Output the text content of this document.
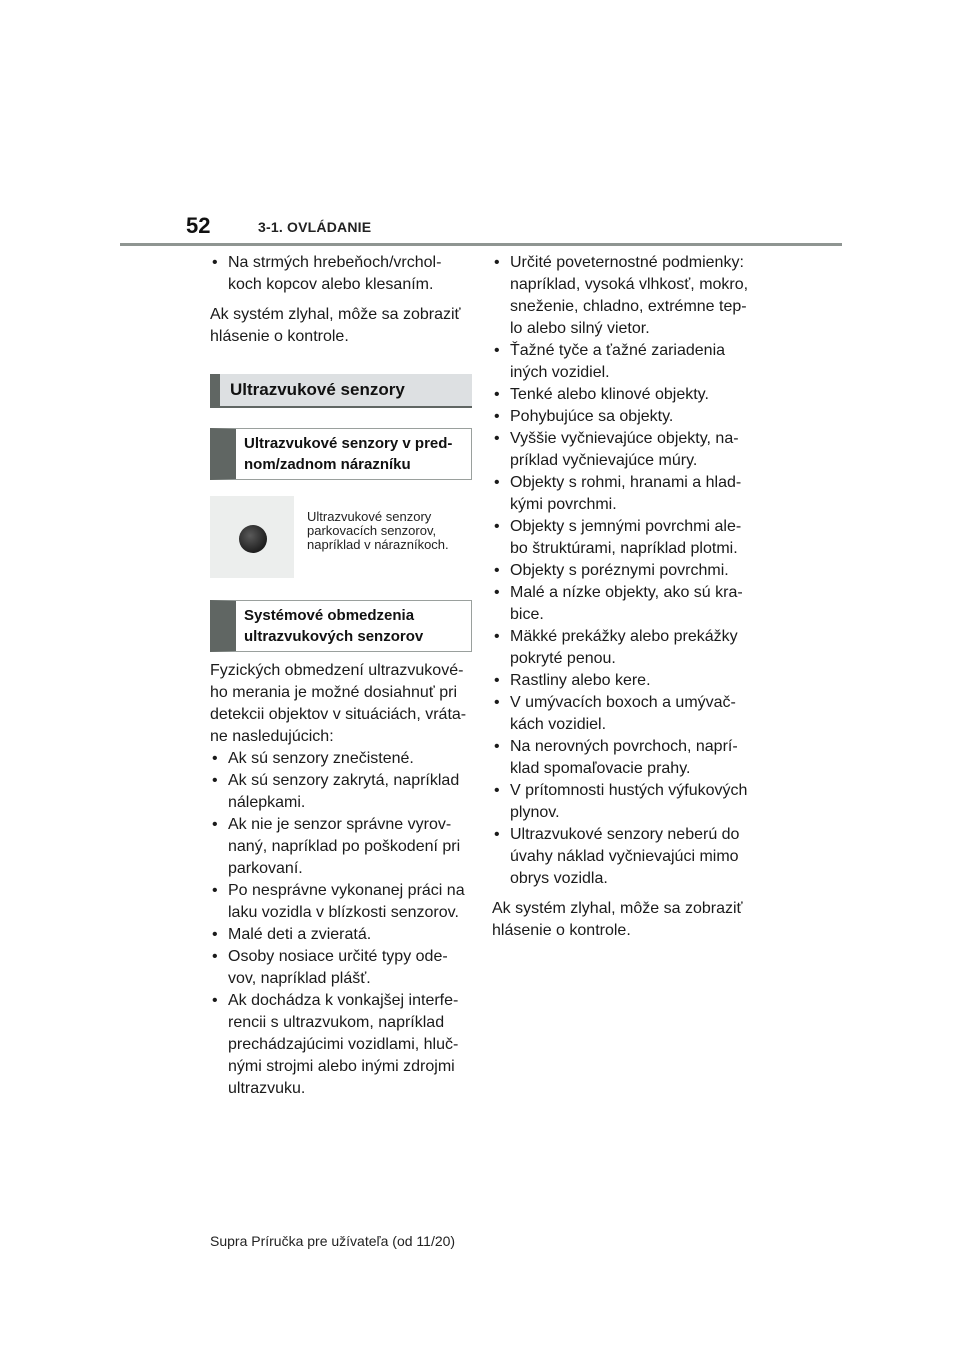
52	3-1. OVLÁDANIE
• Na strmých hrebeňoch/vrchol-koch kopcov alebo klesaním.

Ak systém zlyhal, môže sa zobraziť hlásenie o kontrole.

Ultrazvukové senzory
Ultrazvukové senzory v pred-nom/zadnom nárazníku
Ultrazvukové senzory parkovacích senzorov, napríklad v nárazníkoch.
Systémové obmedzenia ultrazvukových senzorov

Fyzických obmedzení ultrazvukové-ho merania je možné dosiahnuť pri detekcii objektov v situáciách, vráta-ne nasledujúcich:

• Ak sú senzory znečistené.
• Ak sú senzory zakrytá, napríklad nálepkami.
• Ak nie je senzor správne vyrov-naný, napríklad po poškodení pri parkovaní.
• Po nesprávne vykonanej práci na laku vozidla v blízkosti senzorov.
• Malé deti a zvieratá.
• Osoby nosiace určité typy ode-vov, napríklad plášť.
• Ak dochádza k vonkajšej interfe-rencii s ultrazvukom, napríklad prechádzajúcimi vozidlami, hluč-nými strojmi alebo inými zdrojmi ultrazvuku.
• Určité poveternostné podmienky: napríklad, vysoká vlhkosť, mokro, sneženie, chladno, extrémne tep-lo alebo silný vietor.
• Ťažné tyče a ťažné zariadenia iných vozidiel.
• Tenké alebo klinové objekty.
• Pohybujúce sa objekty.
• Vyššie vyčnievajúce objekty, na-príklad vyčnievajúce múry.
• Objekty s rohmi, hranami a hlad-kými povrchmi.
• Objekty s jemnými povrchmi ale-bo štruktúrami, napríklad plotmi.
• Objekty s poréznymi povrchmi.
• Malé a nízke objekty, ako sú kra-bice.
• Mäkké prekážky alebo prekážky pokryté penou.
• Rastliny alebo kere.
• V umývacích boxoch a umývač-kách vozidiel.
• Na nerovných povrchoch, naprí-klad spomaľovacie prahy.
• V prítomnosti hustých výfukových plynov.
• Ultrazvukové senzory neberú do úvahy náklad vyčnievajúci mimo obrys vozidla.

Ak systém zlyhal, môže sa zobraziť hlásenie o kontrole.

Supra Príručka pre užívateľa (od 11/20)
